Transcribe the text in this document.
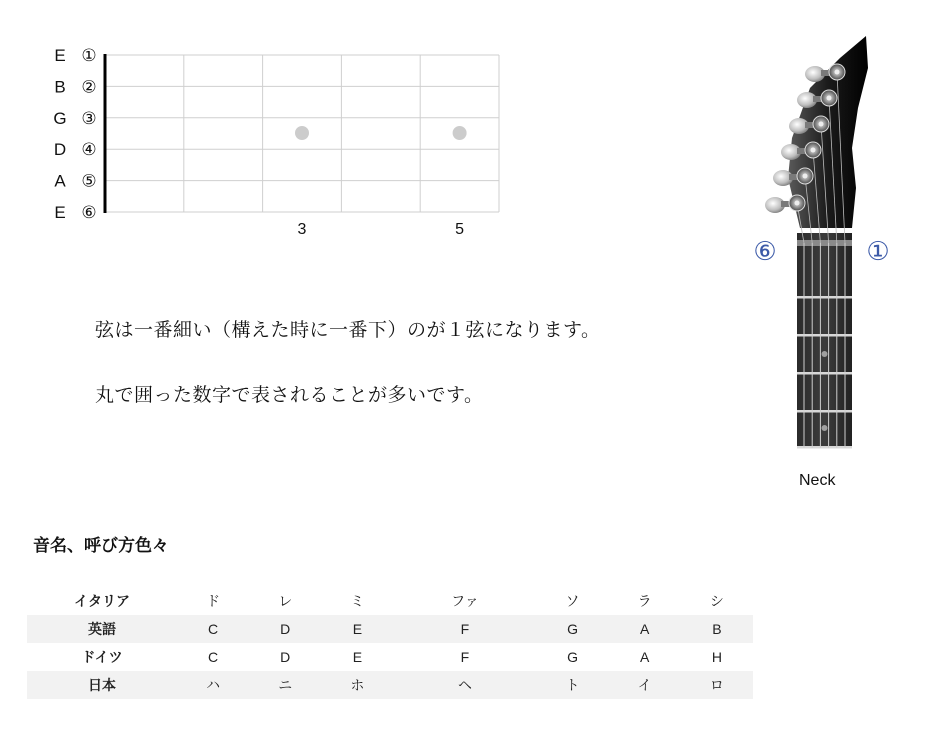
E ①
B ②
G ③
D ④
A ⑤
E ⑥
3	5
弦は一番細い（構えた時に一番下）のが１弦になります。
丸で囲った数字で表されることが多いです。
⑥	①
Neck
音名、呼び方色々
イタリア	ド	レ	ミ	ファ	ソ	ラ	シ
英語	C	D	E	F	G	A	B
ドイツ	C	D	E	F	G	A	H
日本	ハ	ニ	ホ	ヘ	ト	イ	ロ
